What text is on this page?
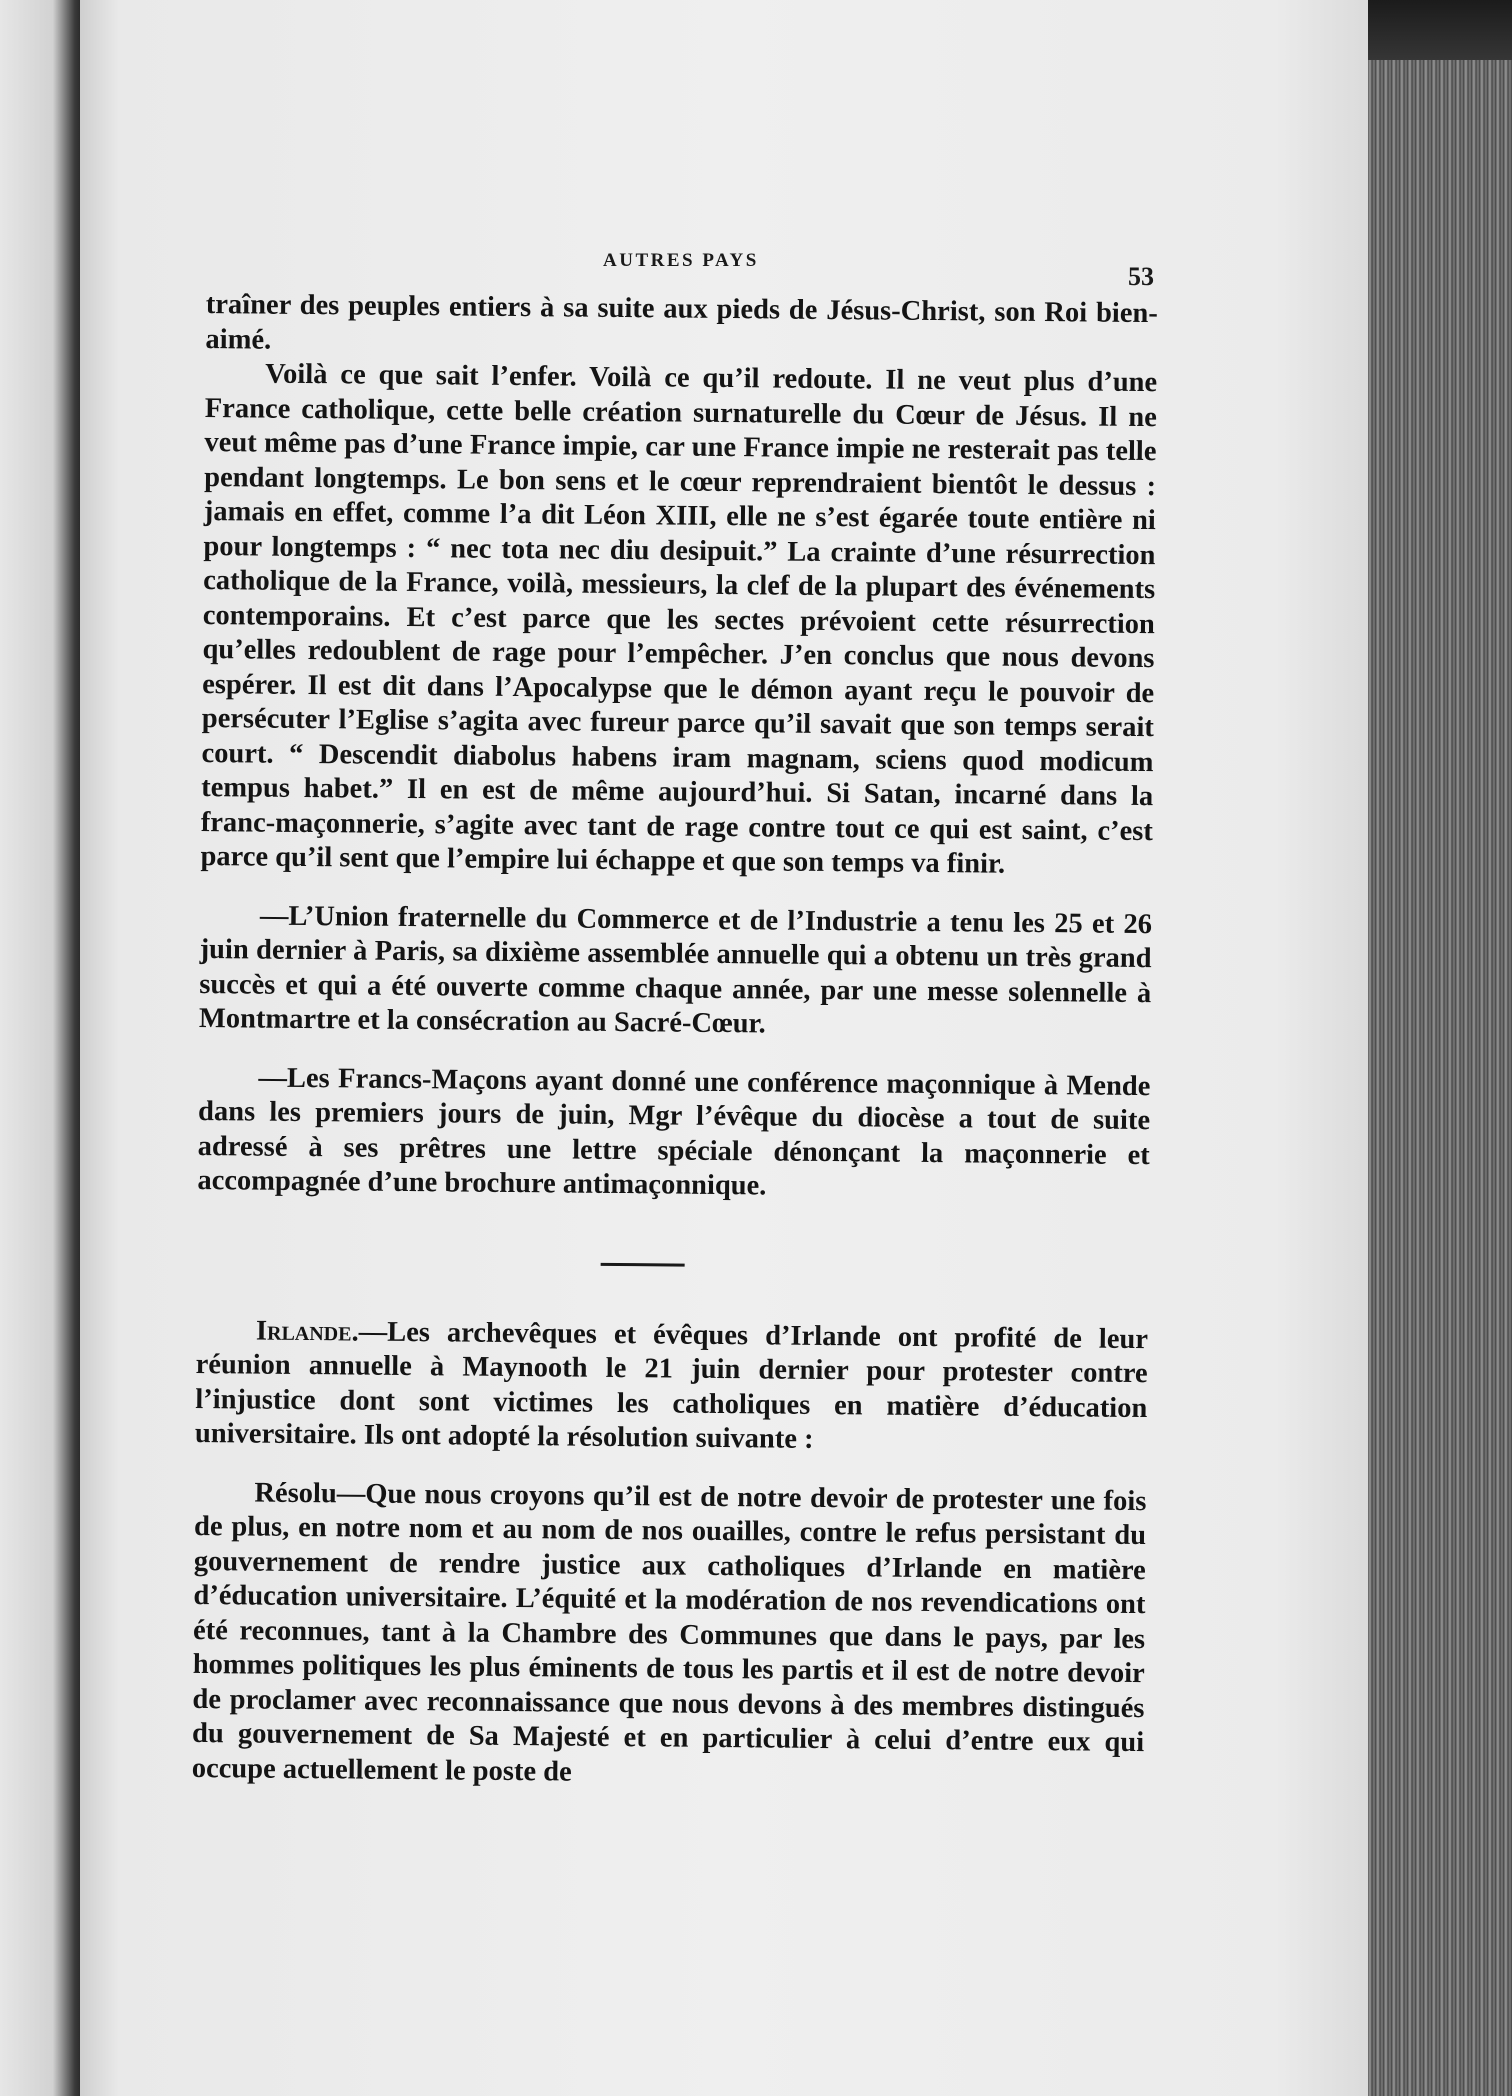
AUTRES PAYS
53

traîner des peuples entiers à sa suite aux pieds de Jésus-Christ, son Roi bien-aimé.

Voilà ce que sait l’enfer. Voilà ce qu’il redoute. Il ne veut plus d’une France catholique, cette belle création surnaturelle du Cœur de Jésus. Il ne veut même pas d’une France impie, car une France impie ne resterait pas telle pendant longtemps. Le bon sens et le cœur reprendraient bientôt le dessus : jamais en effet, comme l’a dit Léon XIII, elle ne s’est égarée toute entière ni pour longtemps : “ nec tota nec diu desipuit.” La crainte d’une résurrection catholique de la France, voilà, messieurs, la clef de la plupart des événements contemporains. Et c’est parce que les sectes prévoient cette résurrection qu’elles redoublent de rage pour l’empêcher. J’en conclus que nous devons espérer. Il est dit dans l’Apocalypse que le démon ayant reçu le pouvoir de persécuter l’Eglise s’agita avec fureur parce qu’il savait que son temps serait court. “ Descendit diabolus habens iram magnam, sciens quod modicum tempus habet.” Il en est de même aujourd’hui. Si Satan, incarné dans la franc-maçonnerie, s’agite avec tant de rage contre tout ce qui est saint, c’est parce qu’il sent que l’empire lui échappe et que son temps va finir.

—L’Union fraternelle du Commerce et de l’Industrie a tenu les 25 et 26 juin dernier à Paris, sa dixième assemblée annuelle qui a obtenu un très grand succès et qui a été ouverte comme chaque année, par une messe solennelle à Montmartre et la consécration au Sacré-Cœur.

—Les Francs-Maçons ayant donné une conférence maçonnique à Mende dans les premiers jours de juin, Mgr l’évêque du diocèse a tout de suite adressé à ses prêtres une lettre spéciale dénonçant la maçonnerie et accompagnée d’une brochure antimaçonnique.

Irlande.—Les archevêques et évêques d’Irlande ont profité de leur réunion annuelle à Maynooth le 21 juin dernier pour protester contre l’injustice dont sont victimes les catholiques en matière d’éducation universitaire. Ils ont adopté la résolution suivante :

Résolu—Que nous croyons qu’il est de notre devoir de protester une fois de plus, en notre nom et au nom de nos ouailles, contre le refus persistant du gouvernement de rendre justice aux catholiques d’Irlande en matière d’éducation universitaire. L’équité et la modération de nos revendications ont été reconnues, tant à la Chambre des Communes que dans le pays, par les hommes politiques les plus éminents de tous les partis et il est de notre devoir de proclamer avec reconnaissance que nous devons à des membres distingués du gouvernement de Sa Majesté et en particulier à celui d’entre eux qui occupe actuellement le poste de
